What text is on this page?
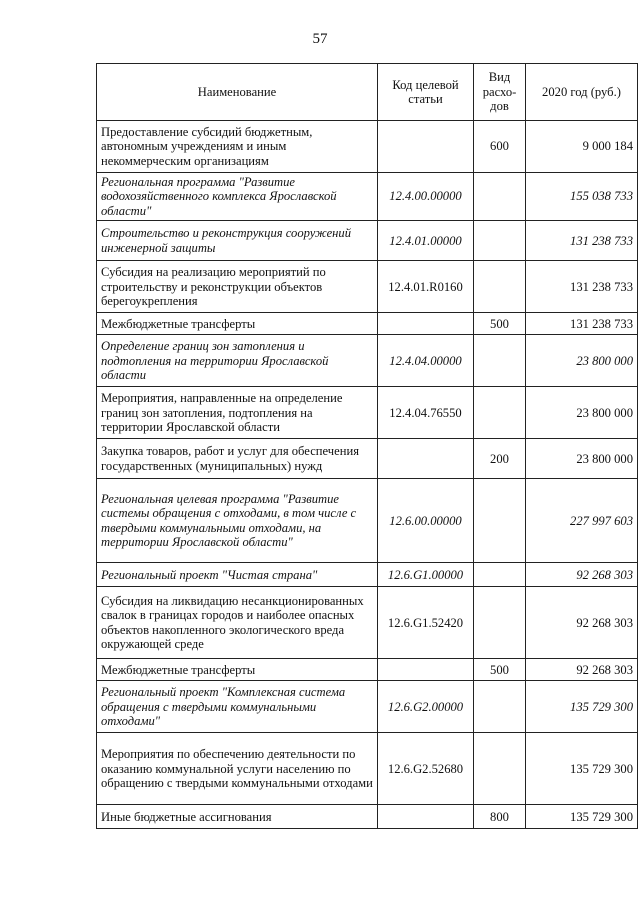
57
Наименование	Код целевой статьи	Вид расхо-дов	2020 год (руб.)
Предоставление субсидий бюджетным, автономным учреждениям и иным некоммерческим организациям		600	9 000 184
Региональная программа "Развитие водохозяйственного комплекса Ярославской области"	12.4.00.00000		155 038 733
Строительство и реконструкция сооружений инженерной защиты	12.4.01.00000		131 238 733
Субсидия на реализацию мероприятий по строительству и реконструкции объектов берегоукрепления	12.4.01.R0160		131 238 733
Межбюджетные трансферты		500	131 238 733
Определение границ зон затопления и подтопления на территории Ярославской области	12.4.04.00000		23 800 000
Мероприятия, направленные на определение границ зон затопления, подтопления на территории Ярославской области	12.4.04.76550		23 800 000
Закупка товаров, работ и услуг для обеспечения государственных (муниципальных) нужд		200	23 800 000
Региональная целевая программа "Развитие системы обращения с отходами, в том числе с твердыми коммунальными отходами, на территории Ярославской области"	12.6.00.00000		227 997 603
Региональный проект "Чистая страна"	12.6.G1.00000		92 268 303
Субсидия на ликвидацию несанкционированных свалок в границах городов и наиболее опасных объектов накопленного экологического вреда окружающей среде	12.6.G1.52420		92 268 303
Межбюджетные трансферты		500	92 268 303
Региональный проект "Комплексная система обращения с твердыми коммунальными отходами"	12.6.G2.00000		135 729 300
Мероприятия по обеспечению деятельности по оказанию коммунальной услуги населению по обращению с твердыми коммунальными отходами	12.6.G2.52680		135 729 300
Иные бюджетные ассигнования		800	135 729 300
